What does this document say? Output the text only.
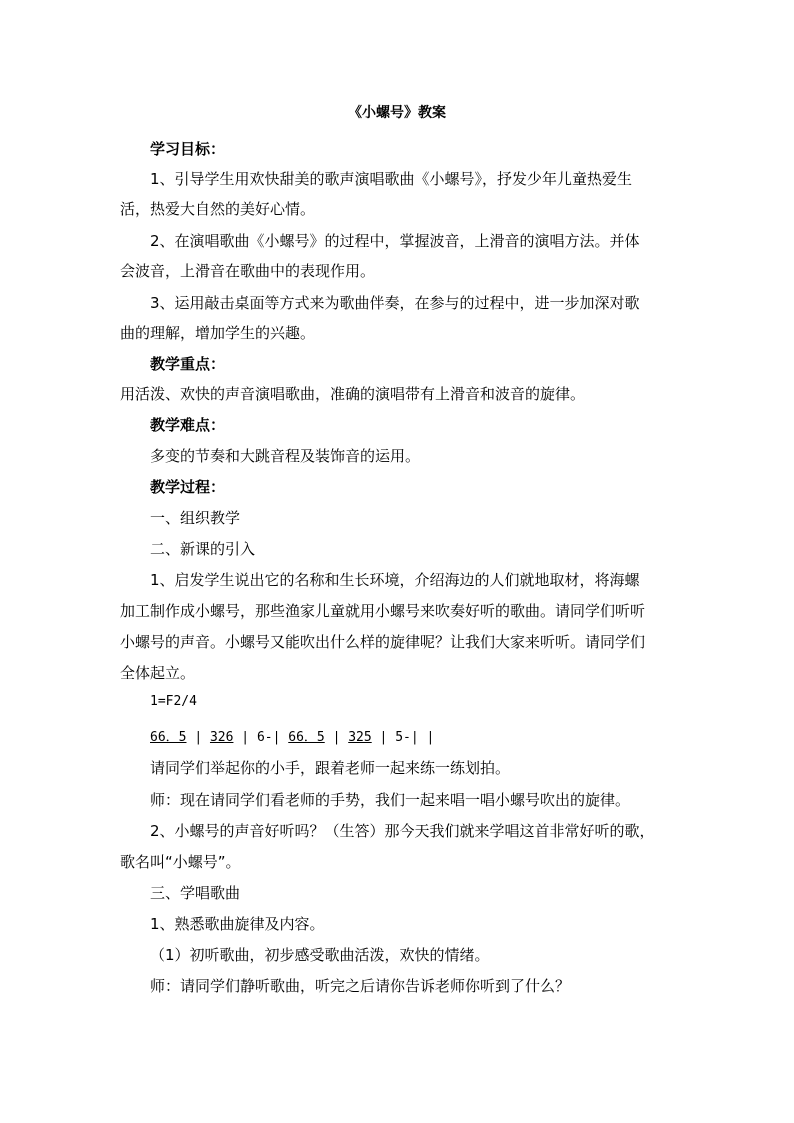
《小螺号》教案
学习目标：
1、引导学生用欢快甜美的歌声演唱歌曲《小螺号》，抒发少年儿童热爱生
活，热爱大自然的美好心情。
2、在演唱歌曲《小螺号》的过程中，掌握波音，上滑音的演唱方法。并体
会波音，上滑音在歌曲中的表现作用。
3、运用敲击桌面等方式来为歌曲伴奏，在参与的过程中，进一步加深对歌
曲的理解，增加学生的兴趣。
教学重点：
用活泼、欢快的声音演唱歌曲，准确的演唱带有上滑音和波音的旋律。
教学难点：
多变的节奏和大跳音程及装饰音的运用。
教学过程：
一、组织教学
二、新课的引入
1、启发学生说出它的名称和生长环境，介绍海边的人们就地取材，将海螺
加工制作成小螺号，那些渔家儿童就用小螺号来吹奏好听的歌曲。请同学们听听
小螺号的声音。小螺号又能吹出什么样的旋律呢？让我们大家来听听。请同学们
全体起立。
1=F2/4
66．5 | 326 | 6-| 66．5 | 325 | 5-| |
请同学们举起你的小手，跟着老师一起来练一练划拍。
师：现在请同学们看老师的手势，我们一起来唱一唱小螺号吹出的旋律。
2、小螺号的声音好听吗？（生答）那今天我们就来学唱这首非常好听的歌，
歌名叫“小螺号”。
三、学唱歌曲
1、熟悉歌曲旋律及内容。
（1）初听歌曲，初步感受歌曲活泼，欢快的情绪。
师：请同学们静听歌曲，听完之后请你告诉老师你听到了什么？
